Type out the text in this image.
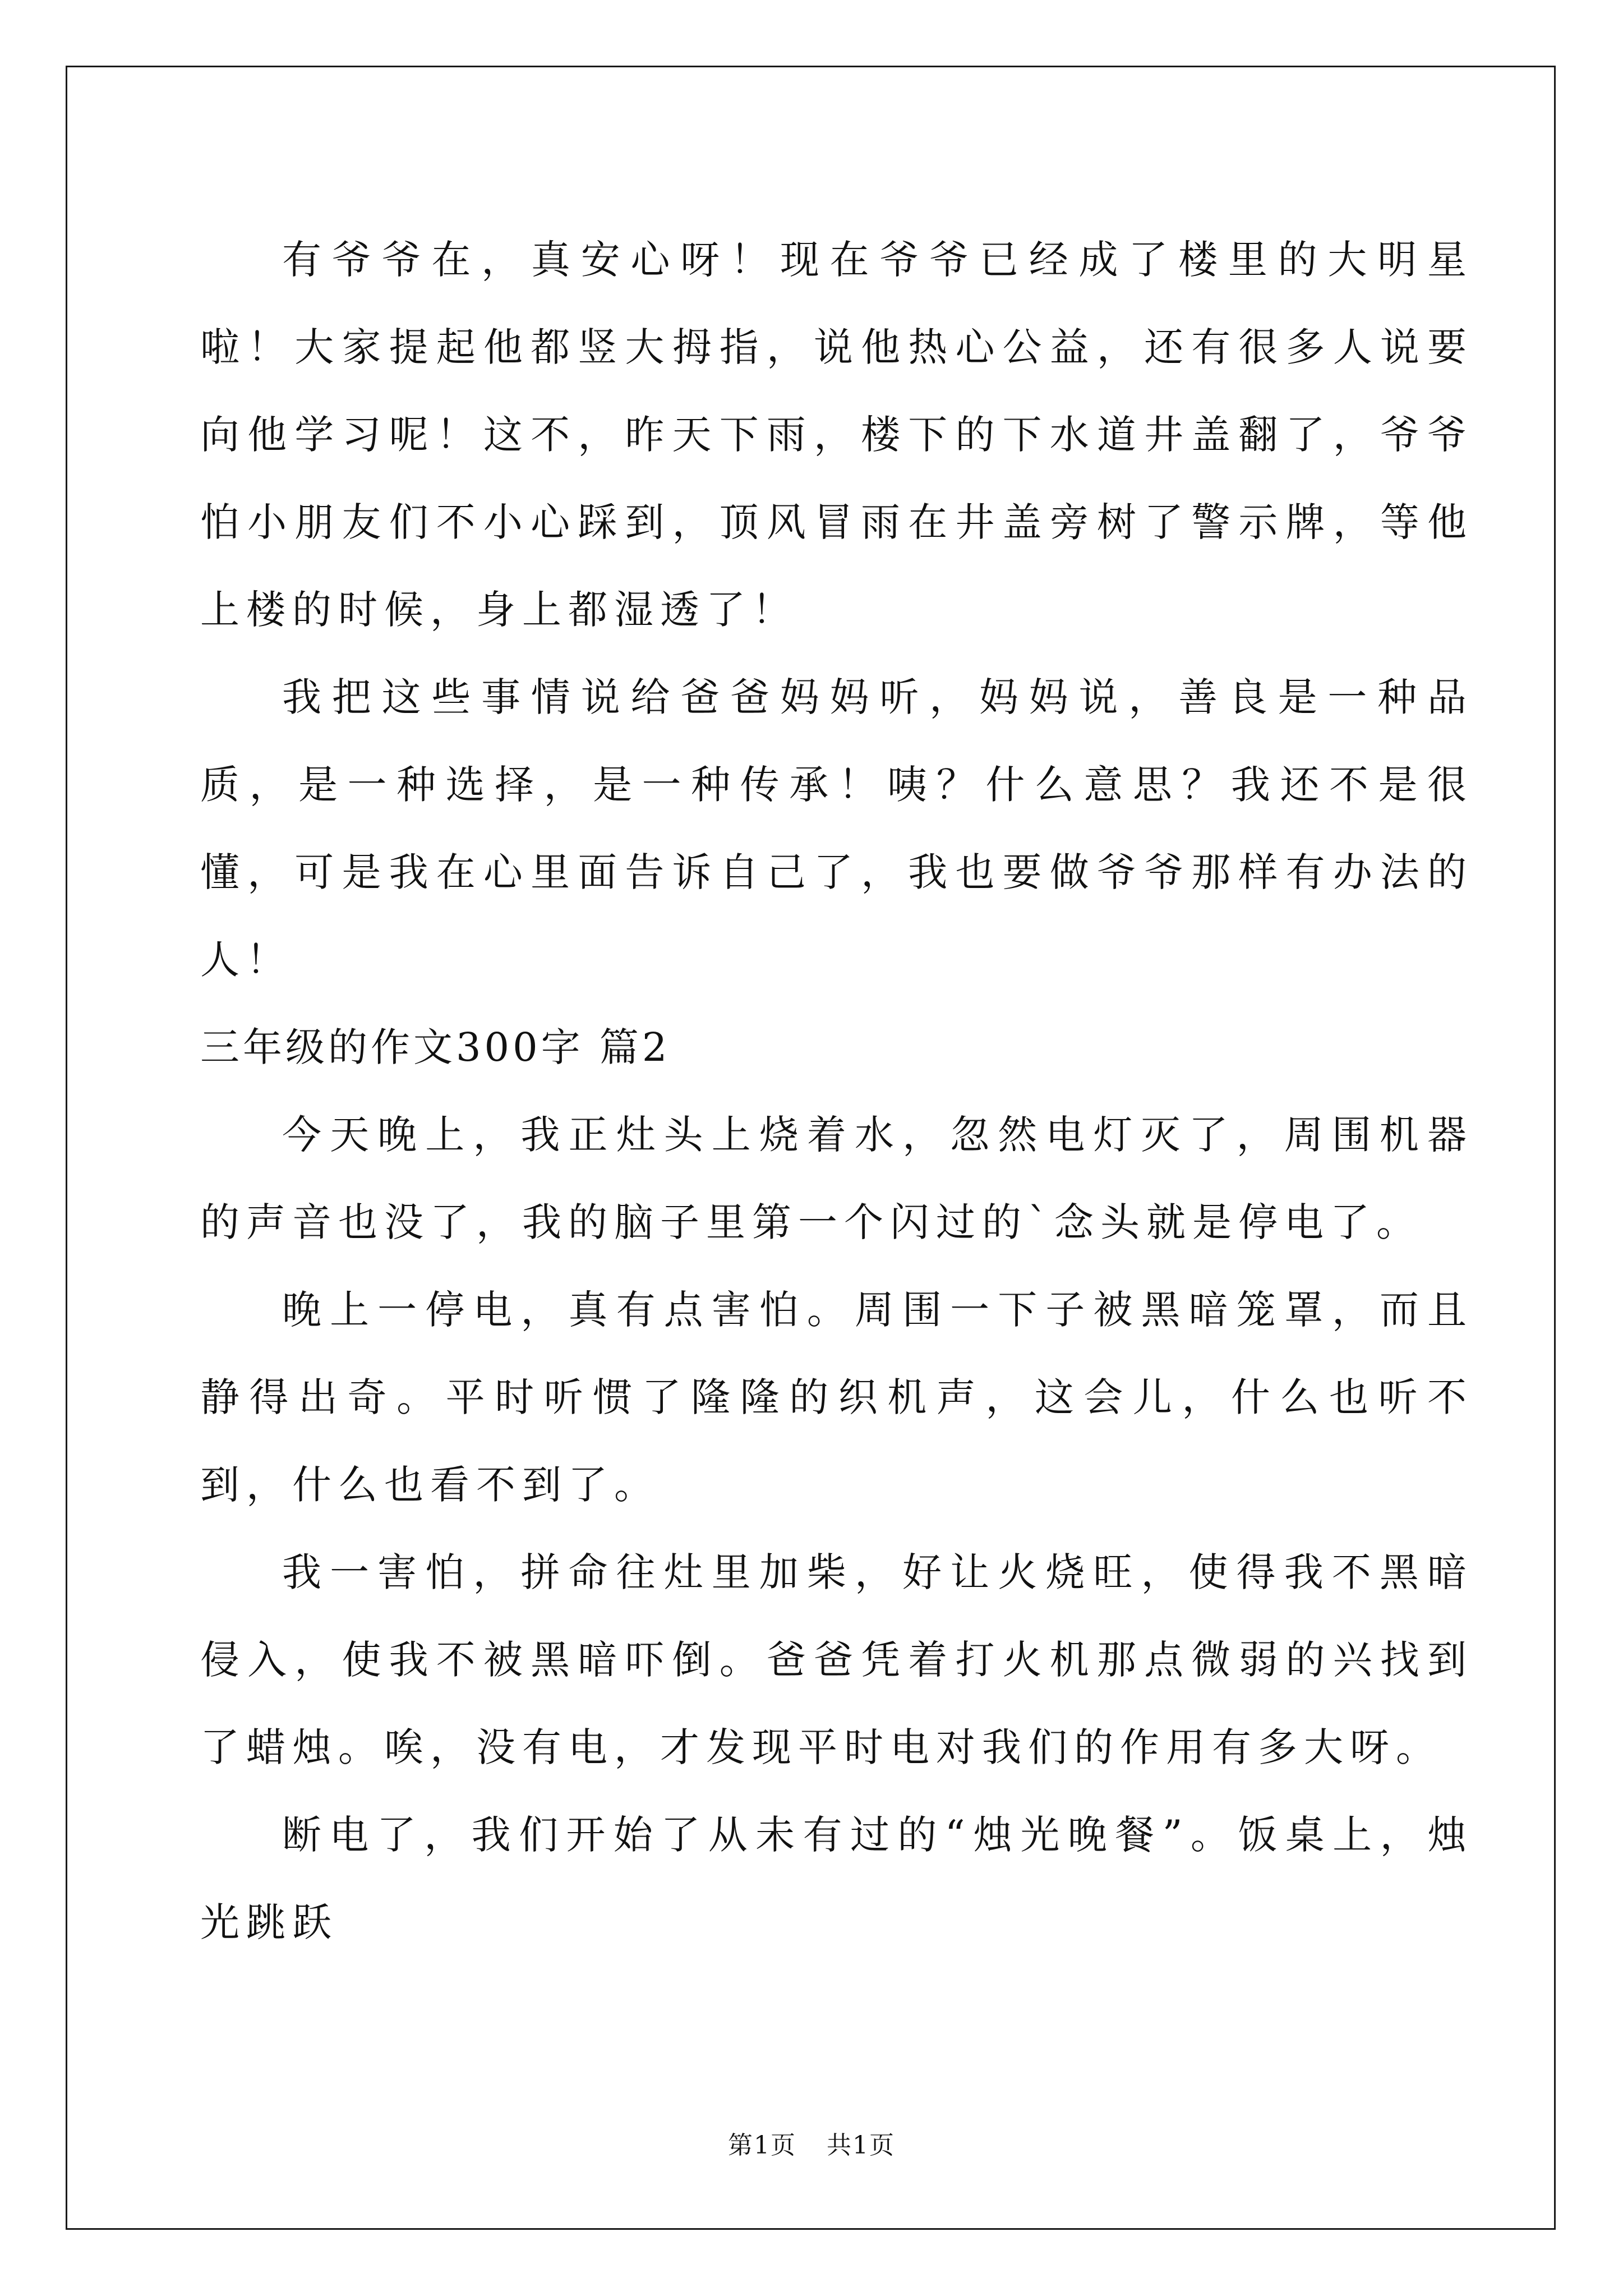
有爷爷在，真安心呀！现在爷爷已经成了楼里的大明星啦！大家提起他都竖大拇指，说他热心公益，还有很多人说要向他学习呢！这不，昨天下雨，楼下的下水道井盖翻了，爷爷怕小朋友们不小心踩到，顶风冒雨在井盖旁树了警示牌，等他上楼的时候，身上都湿透了！

我把这些事情说给爸爸妈妈听，妈妈说，善良是一种品质，是一种选择，是一种传承！咦？什么意思？我还不是很懂，可是我在心里面告诉自己了，我也要做爷爷那样有办法的人！

三年级的作文300字 篇2

今天晚上，我正灶头上烧着水，忽然电灯灭了，周围机器的声音也没了，我的脑子里第一个闪过的`念头就是停电了。

晚上一停电，真有点害怕。周围一下子被黑暗笼罩，而且静得出奇。平时听惯了隆隆的织机声，这会儿，什么也听不到，什么也看不到了。

我一害怕，拼命往灶里加柴，好让火烧旺，使得我不黑暗侵入，使我不被黑暗吓倒。爸爸凭着打火机那点微弱的兴找到了蜡烛。唉，没有电，才发现平时电对我们的作用有多大呀。

断电了，我们开始了从未有过的“烛光晚餐”。饭桌上，烛光跳跃

第1页 共1页
